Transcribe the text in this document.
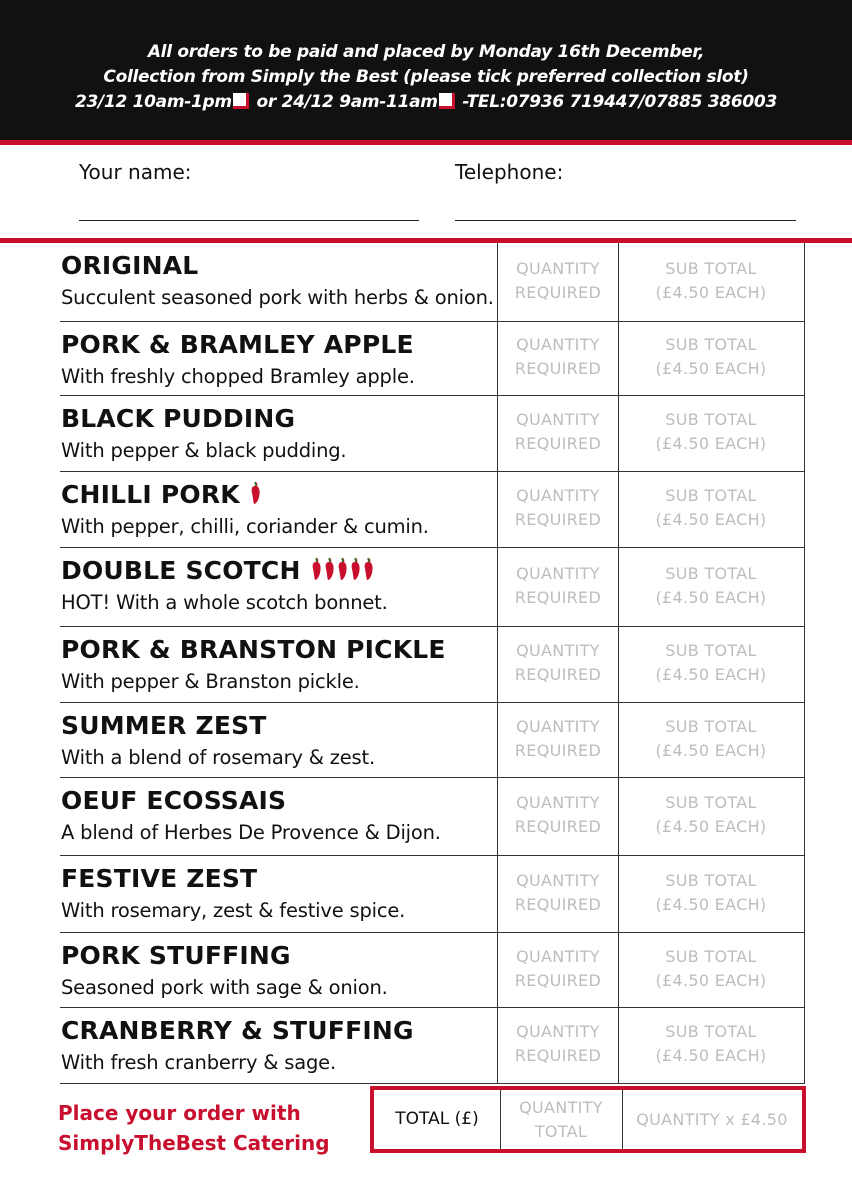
All orders to be paid and placed by Monday 16th December,
Collection from Simply the Best (please tick preferred collection slot)
23/12 10am-1pm or 24/12 9am-11am -TEL:07936 719447/07885 386003
Your name:	Telephone:
ORIGINAL
Succulent seasoned pork with herbs & onion.
QUANTITY
REQUIRED
SUB TOTAL
(£4.50 EACH)
PORK & BRAMLEY APPLE
With freshly chopped Bramley apple.
QUANTITY
REQUIRED
SUB TOTAL
(£4.50 EACH)
BLACK PUDDING
With pepper & black pudding.
QUANTITY
REQUIRED
SUB TOTAL
(£4.50 EACH)
CHILLI PORK
With pepper, chilli, coriander & cumin.
QUANTITY
REQUIRED
SUB TOTAL
(£4.50 EACH)
DOUBLE SCOTCH
HOT! With a whole scotch bonnet.
QUANTITY
REQUIRED
SUB TOTAL
(£4.50 EACH)
PORK & BRANSTON PICKLE
With pepper & Branston pickle.
QUANTITY
REQUIRED
SUB TOTAL
(£4.50 EACH)
SUMMER ZEST
With a blend of rosemary & zest.
QUANTITY
REQUIRED
SUB TOTAL
(£4.50 EACH)
OEUF ECOSSAIS
A blend of Herbes De Provence & Dijon.
QUANTITY
REQUIRED
SUB TOTAL
(£4.50 EACH)
FESTIVE ZEST
With rosemary, zest & festive spice.
QUANTITY
REQUIRED
SUB TOTAL
(£4.50 EACH)
PORK STUFFING
Seasoned pork with sage & onion.
QUANTITY
REQUIRED
SUB TOTAL
(£4.50 EACH)
CRANBERRY & STUFFING
With fresh cranberry & sage.
QUANTITY
REQUIRED
SUB TOTAL
(£4.50 EACH)
Place your order with
SimplyTheBest Catering
TOTAL (£)
QUANTITY
TOTAL
QUANTITY x £4.50
